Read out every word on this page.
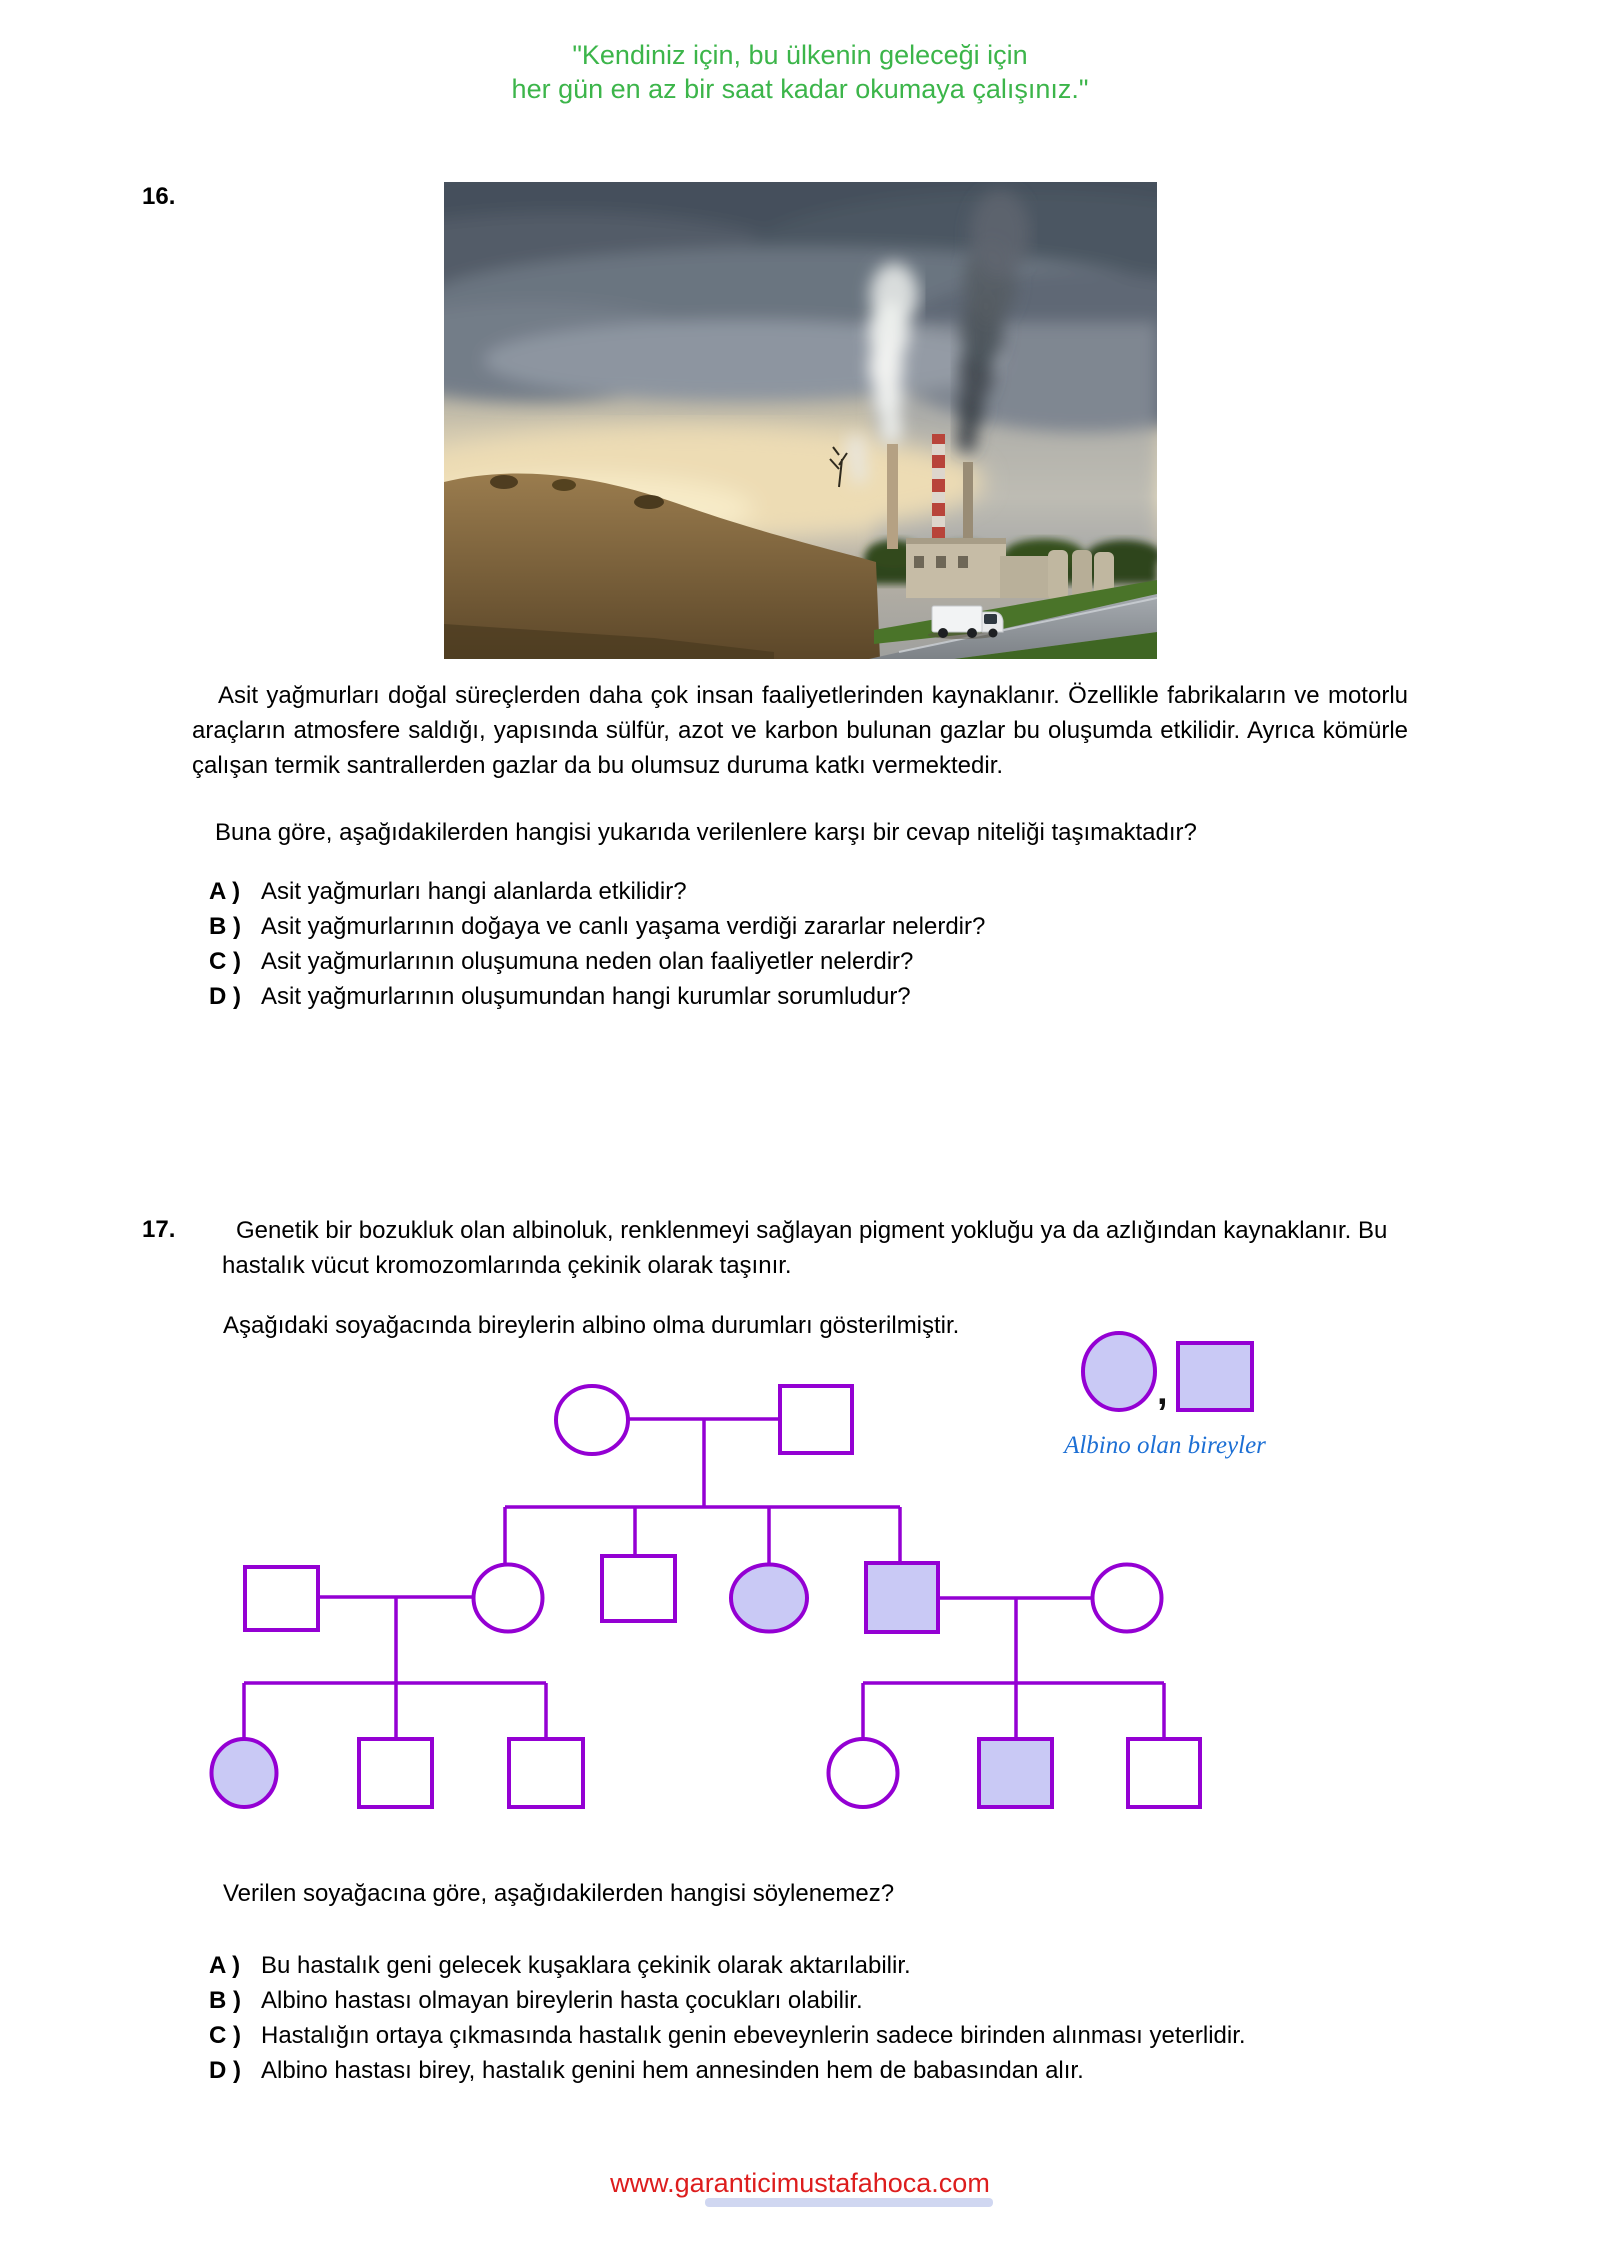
"Kendiniz için, bu ülkenin geleceği için
her gün en az bir saat kadar okumaya çalışınız."
16.
Asit yağmurları doğal süreçlerden daha çok insan faaliyetlerinden kaynaklanır. Özellikle fabrikaların ve motorlu araçların atmosfere saldığı, yapısında sülfür, azot ve karbon bulunan gazlar bu oluşumda etkilidir. Ayrıca kömürle çalışan termik santrallerden gazlar da bu olumsuz duruma katkı vermektedir.
Buna göre, aşağıdakilerden hangisi yukarıda verilenlere karşı bir cevap niteliği taşımaktadır?
A ) Asit yağmurları hangi alanlarda etkilidir?
B ) Asit yağmurlarının doğaya ve canlı yaşama verdiği zararlar nelerdir?
C ) Asit yağmurlarının oluşumuna neden olan faaliyetler nelerdir?
D ) Asit yağmurlarının oluşumundan hangi kurumlar sorumludur?
17.	Genetik bir bozukluk olan albinoluk, renklenmeyi sağlayan pigment yokluğu ya da azlığından kaynaklanır. Bu hastalık vücut kromozomlarında çekinik olarak taşınır.
Aşağıdaki soyağacında bireylerin albino olma durumları gösterilmiştir.
,
Albino olan bireyler
Verilen soyağacına göre, aşağıdakilerden hangisi söylenemez?
A ) Bu hastalık geni gelecek kuşaklara çekinik olarak aktarılabilir.
B ) Albino hastası olmayan bireylerin hasta çocukları olabilir.
C ) Hastalığın ortaya çıkmasında hastalık genin ebeveynlerin sadece birinden alınması yeterlidir.
D ) Albino hastası birey, hastalık genini hem annesinden hem de babasından alır.
www.garanticimustafahoca.com
